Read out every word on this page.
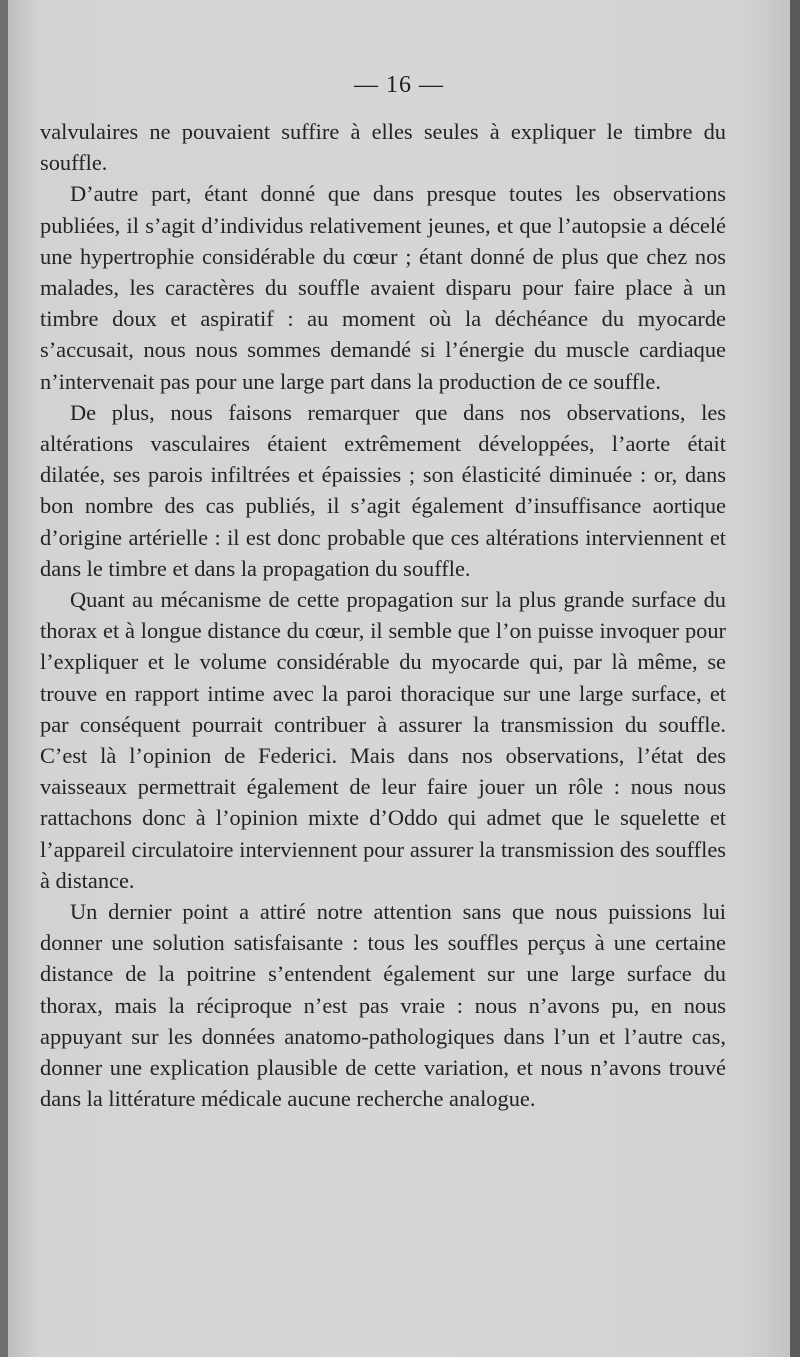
— 16 —

valvulaires ne pouvaient suffire à elles seules à expliquer le timbre du souffle.

D’autre part, étant donné que dans presque toutes les observations publiées, il s’agit d’individus relativement jeunes, et que l’autopsie a décelé une hypertrophie considérable du cœur ; étant donné de plus que chez nos malades, les caractères du souffle avaient disparu pour faire place à un timbre doux et aspiratif : au moment où la déchéance du myocarde s’accusait, nous nous sommes demandé si l’énergie du muscle cardiaque n’intervenait pas pour une large part dans la production de ce souffle.

De plus, nous faisons remarquer que dans nos observations, les altérations vasculaires étaient extrêmement développées, l’aorte était dilatée, ses parois infiltrées et épaissies ; son élasticité diminuée : or, dans bon nombre des cas publiés, il s’agit également d’insuffisance aortique d’origine artérielle : il est donc probable que ces altérations interviennent et dans le timbre et dans la propagation du souffle.

Quant au mécanisme de cette propagation sur la plus grande surface du thorax et à longue distance du cœur, il semble que l’on puisse invoquer pour l’expliquer et le volume considérable du myocarde qui, par là même, se trouve en rapport intime avec la paroi thoracique sur une large surface, et par conséquent pourrait contribuer à assurer la transmission du souffle. C’est là l’opinion de Federici. Mais dans nos observations, l’état des vaisseaux permettrait également de leur faire jouer un rôle : nous nous rattachons donc à l’opinion mixte d’Oddo qui admet que le squelette et l’appareil circulatoire interviennent pour assurer la transmission des souffles à distance.

Un dernier point a attiré notre attention sans que nous puissions lui donner une solution satisfaisante : tous les souffles perçus à une certaine distance de la poitrine s’entendent également sur une large surface du thorax, mais la réciproque n’est pas vraie : nous n’avons pu, en nous appuyant sur les données anatomo-pathologiques dans l’un et l’autre cas, donner une explication plausible de cette variation, et nous n’avons trouvé dans la littérature médicale aucune recherche analogue.
